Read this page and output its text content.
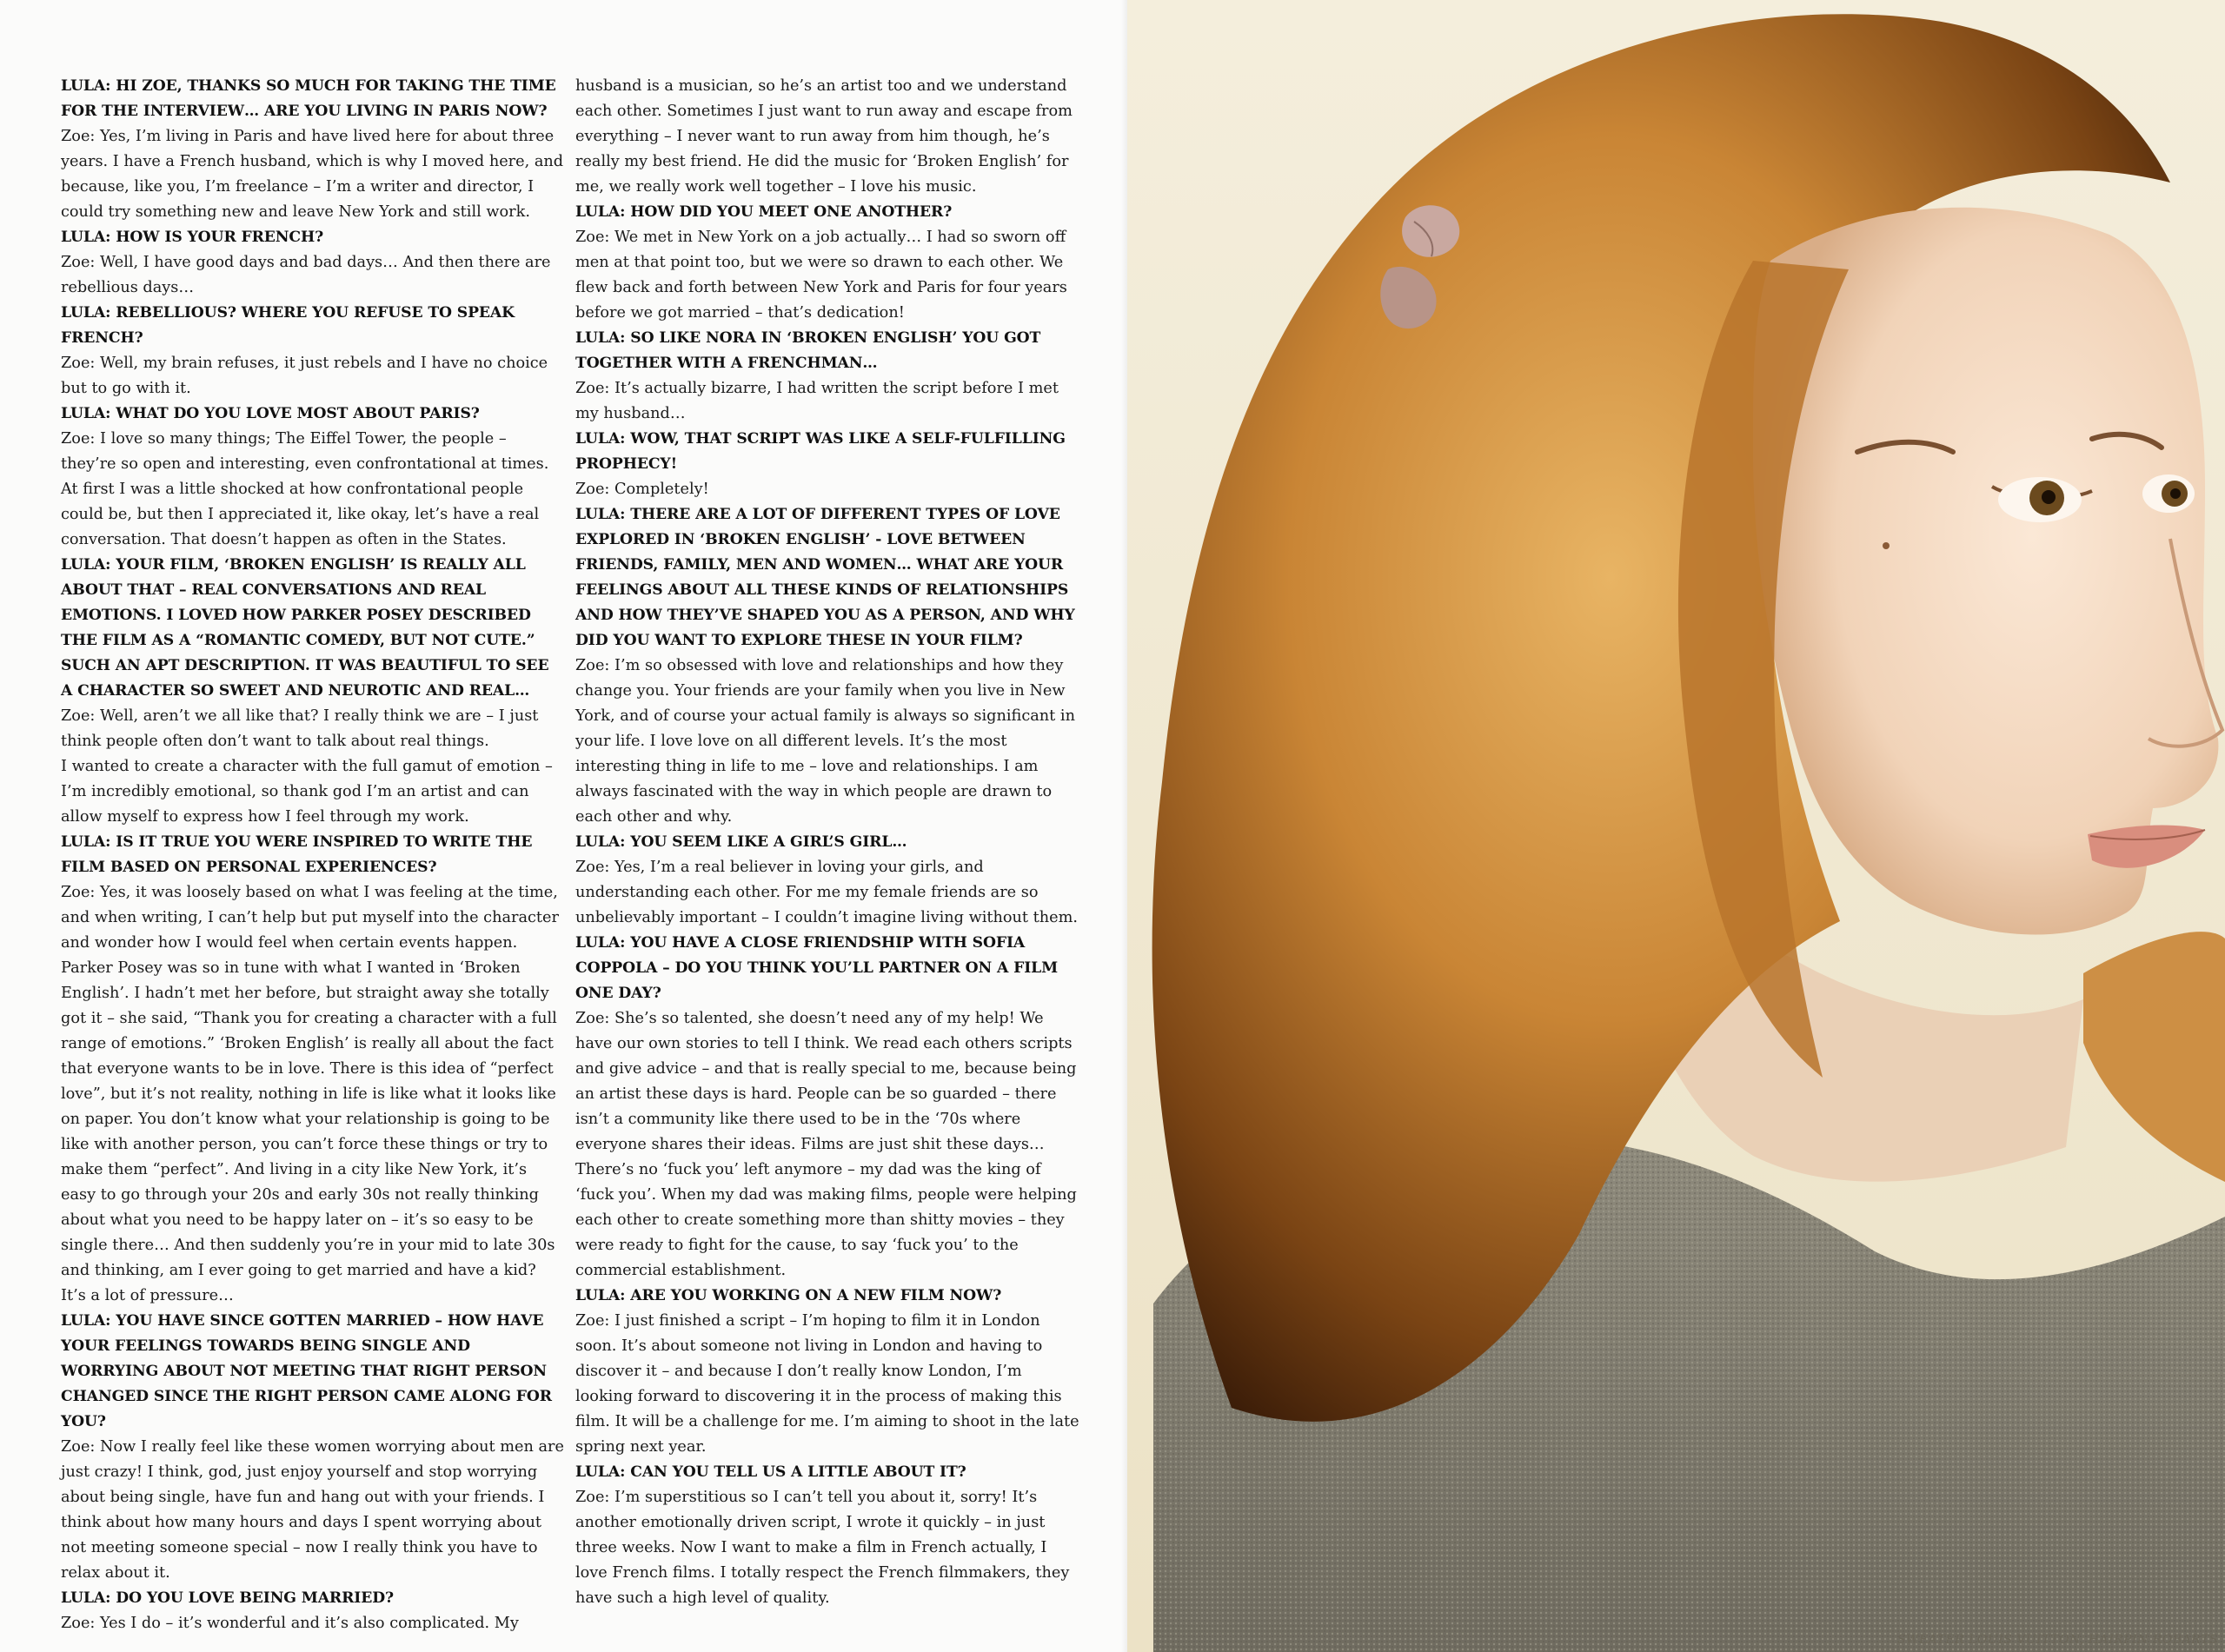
LULA: HI ZOE, THANKS SO MUCH FOR TAKING THE TIME FOR THE INTERVIEW… ARE YOU LIVING IN PARIS NOW?

Zoe: Yes, I’m living in Paris and have lived here for about three years. I have a French husband, which is why I moved here, and because, like you, I’m freelance – I’m a writer and director, I could try something new and leave New York and still work.

LULA: HOW IS YOUR FRENCH?

Zoe: Well, I have good days and bad days… And then there are rebellious days…

LULA: REBELLIOUS? WHERE YOU REFUSE TO SPEAK FRENCH?

Zoe: Well, my brain refuses, it just rebels and I have no choice but to go with it.

LULA: WHAT DO YOU LOVE MOST ABOUT PARIS?

Zoe: I love so many things; The Eiffel Tower, the people – they’re so open and interesting, even confrontational at times. At first I was a little shocked at how confrontational people could be, but then I appreciated it, like okay, let’s have a real conversation. That doesn’t happen as often in the States.

LULA: YOUR FILM, ‘BROKEN ENGLISH’ IS REALLY ALL ABOUT THAT – REAL CONVERSATIONS AND REAL EMOTIONS. I LOVED HOW PARKER POSEY DESCRIBED THE FILM AS A “ROMANTIC COMEDY, BUT NOT CUTE.” SUCH AN APT DESCRIPTION. IT WAS BEAUTIFUL TO SEE A CHARACTER SO SWEET AND NEUROTIC AND REAL…

Zoe: Well, aren’t we all like that? I really think we are – I just think people often don’t want to talk about real things.

I wanted to create a character with the full gamut of emotion – I’m incredibly emotional, so thank god I’m an artist and can allow myself to express how I feel through my work.

LULA: IS IT TRUE YOU WERE INSPIRED TO WRITE THE FILM BASED ON PERSONAL EXPERIENCES?

Zoe: Yes, it was loosely based on what I was feeling at the time, and when writing, I can’t help but put myself into the character and wonder how I would feel when certain events happen. Parker Posey was so in tune with what I wanted in ‘Broken English’. I hadn’t met her before, but straight away she totally got it – she said, “Thank you for creating a character with a full range of emotions.” ‘Broken English’ is really all about the fact that everyone wants to be in love. There is this idea of “perfect love”, but it’s not reality, nothing in life is like what it looks like on paper. You don’t know what your relationship is going to be like with another person, you can’t force these things or try to make them “perfect”. And living in a city like New York, it’s easy to go through your 20s and early 30s not really thinking about what you need to be happy later on – it’s so easy to be single there… And then suddenly you’re in your mid to late 30s and thinking, am I ever going to get married and have a kid? It’s a lot of pressure…

LULA: YOU HAVE SINCE GOTTEN MARRIED – HOW HAVE YOUR FEELINGS TOWARDS BEING SINGLE AND WORRYING ABOUT NOT MEETING THAT RIGHT PERSON CHANGED SINCE THE RIGHT PERSON CAME ALONG FOR YOU?

Zoe: Now I really feel like these women worrying about men are just crazy! I think, god, just enjoy yourself and stop worrying about being single, have fun and hang out with your friends. I think about how many hours and days I spent worrying about not meeting someone special – now I really think you have to relax about it.

LULA: DO YOU LOVE BEING MARRIED?

Zoe: Yes I do – it’s wonderful and it’s also complicated. My

husband is a musician, so he’s an artist too and we understand each other. Sometimes I just want to run away and escape from everything – I never want to run away from him though, he’s really my best friend. He did the music for ‘Broken English’ for me, we really work well together – I love his music.

LULA: HOW DID YOU MEET ONE ANOTHER?

Zoe: We met in New York on a job actually… I had so sworn off men at that point too, but we were so drawn to each other. We flew back and forth between New York and Paris for four years before we got married – that’s dedication!

LULA: SO LIKE NORA IN ‘BROKEN ENGLISH’ YOU GOT TOGETHER WITH A FRENCHMAN…

Zoe: It’s actually bizarre, I had written the script before I met my husband…

LULA: WOW, THAT SCRIPT WAS LIKE A SELF-FULFILLING PROPHECY!

Zoe: Completely!

LULA: THERE ARE A LOT OF DIFFERENT TYPES OF LOVE EXPLORED IN ‘BROKEN ENGLISH’ - LOVE BETWEEN FRIENDS, FAMILY, MEN AND WOMEN… WHAT ARE YOUR FEELINGS ABOUT ALL THESE KINDS OF RELATIONSHIPS AND HOW THEY’VE SHAPED YOU AS A PERSON, AND WHY DID YOU WANT TO EXPLORE THESE IN YOUR FILM?

Zoe: I’m so obsessed with love and relationships and how they change you. Your friends are your family when you live in New York, and of course your actual family is always so significant in your life. I love love on all different levels. It’s the most interesting thing in life to me – love and relationships. I am always fascinated with the way in which people are drawn to each other and why.

LULA: YOU SEEM LIKE A GIRL’S GIRL…

Zoe: Yes, I’m a real believer in loving your girls, and understanding each other. For me my female friends are so unbelievably important – I couldn’t imagine living without them.

LULA: YOU HAVE A CLOSE FRIENDSHIP WITH SOFIA COPPOLA – DO YOU THINK YOU’LL PARTNER ON A FILM ONE DAY?

Zoe: She’s so talented, she doesn’t need any of my help! We have our own stories to tell I think. We read each others scripts and give advice – and that is really special to me, because being an artist these days is hard. People can be so guarded – there isn’t a community like there used to be in the ‘70s where everyone shares their ideas. Films are just shit these days… There’s no ‘fuck you’ left anymore – my dad was the king of ‘fuck you’. When my dad was making films, people were helping each other to create something more than shitty movies – they were ready to fight for the cause, to say ‘fuck you’ to the commercial establishment.

LULA: ARE YOU WORKING ON A NEW FILM NOW?

Zoe: I just finished a script – I’m hoping to film it in London soon. It’s about someone not living in London and having to discover it – and because I don’t really know London, I’m looking forward to discovering it in the process of making this film. It will be a challenge for me. I’m aiming to shoot in the late spring next year.

LULA: CAN YOU TELL US A LITTLE ABOUT IT?

Zoe: I’m superstitious so I can’t tell you about it, sorry! It’s another emotionally driven script, I wrote it quickly – in just three weeks. Now I want to make a film in French actually, I love French films. I totally respect the French filmmakers, they have such a high level of quality.

SWEATER LOUIS VUITTON, HAIRPIN ROBARTS
